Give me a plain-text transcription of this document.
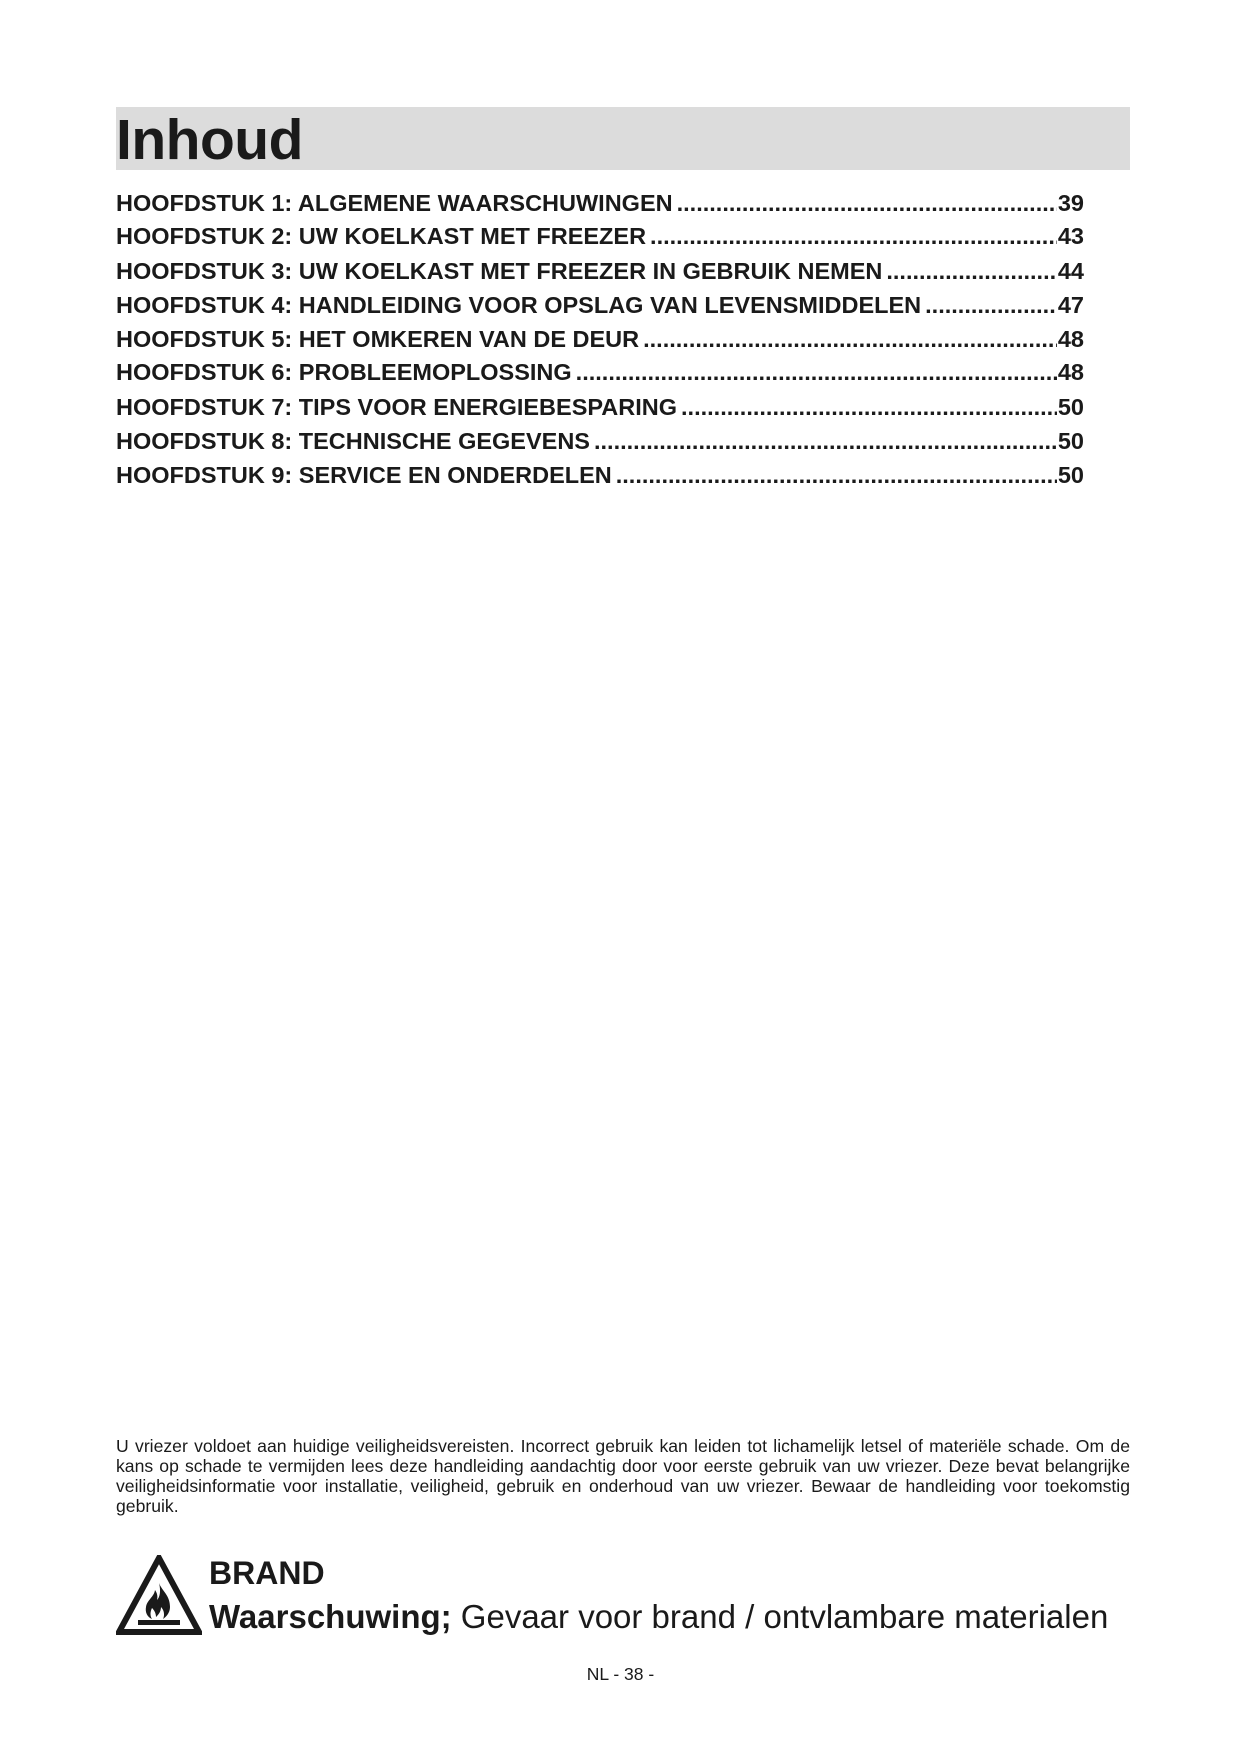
Inhoud
HOOFDSTUK 1: ALGEMENE WAARSCHUWINGEN .....	39
HOOFDSTUK 2: UW KOELKAST MET FREEZER .....	43
HOOFDSTUK 3: UW KOELKAST MET FREEZER IN GEBRUIK NEMEN .....	44
HOOFDSTUK 4: HANDLEIDING VOOR OPSLAG VAN LEVENSMIDDELEN .....	47
HOOFDSTUK 5: HET OMKEREN VAN DE DEUR .....	48
HOOFDSTUK 6: PROBLEEMOPLOSSING .....	48
HOOFDSTUK 7: TIPS VOOR ENERGIEBESPARING .....	50
HOOFDSTUK 8: TECHNISCHE GEGEVENS .....	50
HOOFDSTUK 9: SERVICE EN ONDERDELEN .....	50
U vriezer voldoet aan huidige veiligheidsvereisten. Incorrect gebruik kan leiden tot lichamelijk letsel of materiële schade. Om de kans op schade te vermijden lees deze handleiding aandachtig door voor eerste gebruik van uw vriezer. Deze bevat belangrijke veiligheidsinformatie voor installatie, veiligheid, gebruik en onderhoud van uw vriezer. Bewaar de handleiding voor toekomstig gebruik.
BRAND
Waarschuwing; Gevaar voor brand / ontvlambare materialen
NL - 38 -
